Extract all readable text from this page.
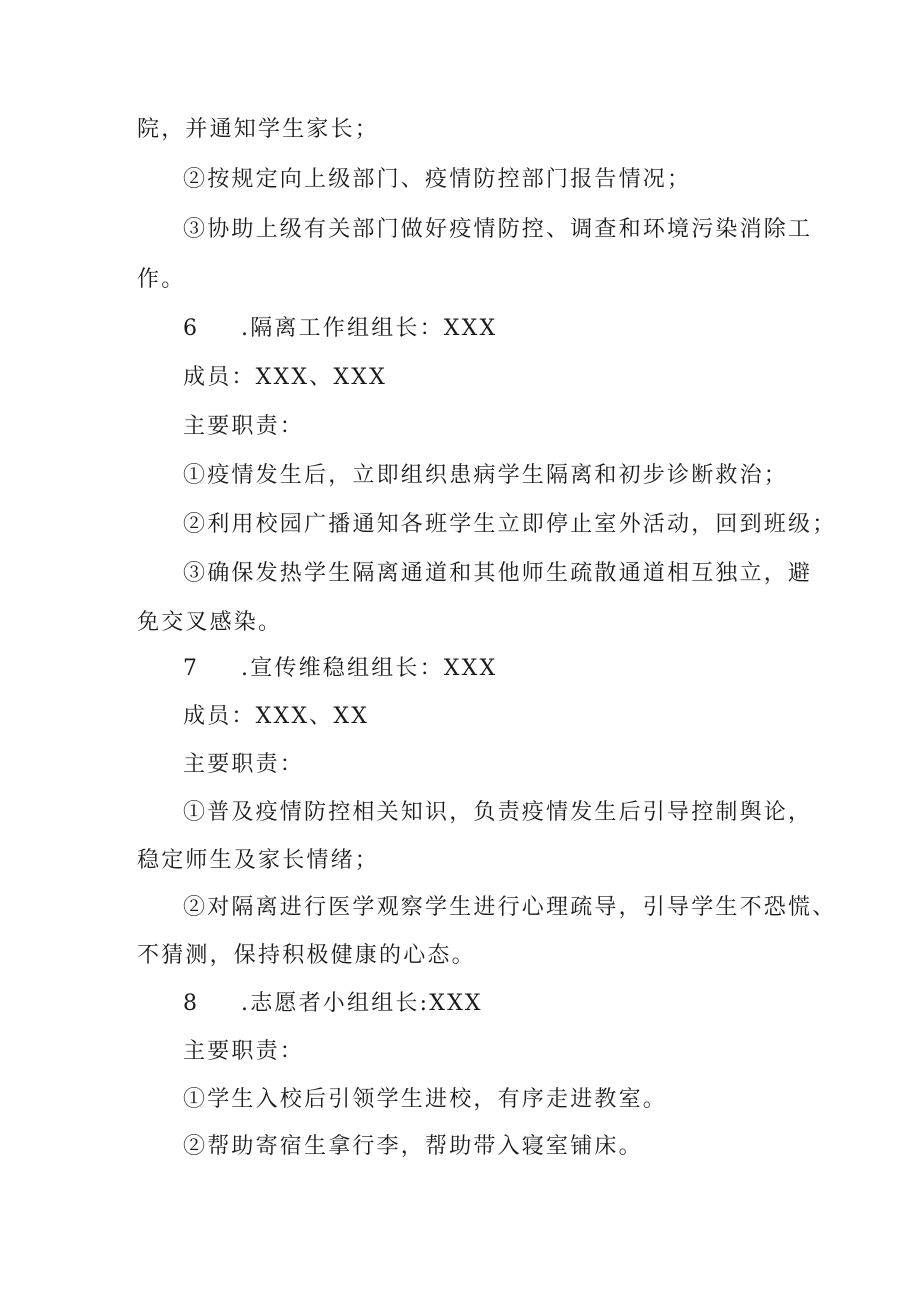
院，并通知学生家长；
②按规定向上级部门、疫情防控部门报告情况；
③协助上级有关部门做好疫情防控、调查和环境污染消除工
作。
6 .隔离工作组组长：XXX
成员：XXX、XXX
主要职责：
①疫情发生后，立即组织患病学生隔离和初步诊断救治；
②利用校园广播通知各班学生立即停止室外活动，回到班级；
③确保发热学生隔离通道和其他师生疏散通道相互独立，避
免交叉感染。
7 .宣传维稳组组长：XXX
成员：XXX、XX
主要职责：
①普及疫情防控相关知识，负责疫情发生后引导控制舆论，
稳定师生及家长情绪；
②对隔离进行医学观察学生进行心理疏导，引导学生不恐慌、
不猜测，保持积极健康的心态。
8 .志愿者小组组长:XXX
主要职责：
①学生入校后引领学生进校，有序走进教室。
②帮助寄宿生拿行李，帮助带入寝室铺床。
